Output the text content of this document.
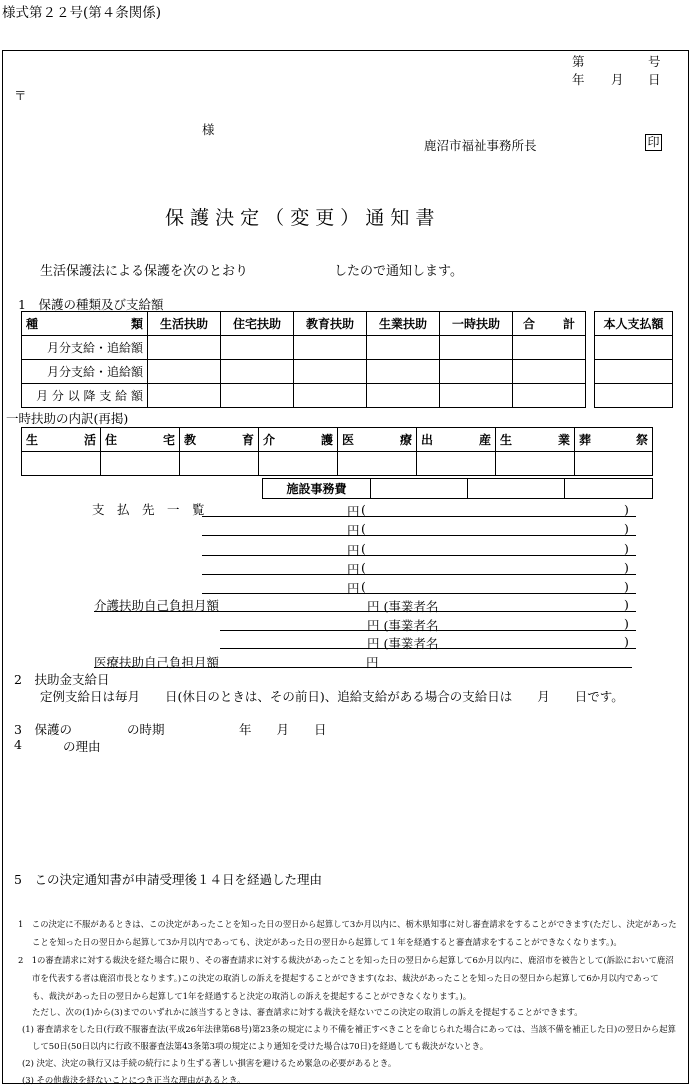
様式第２２号(第４条関係)
第	号
年 月 日
〒
様
鹿沼市福祉事務所長	印
保 護 決 定 （ 変 更 ） 通 知 書
生活保護法による保護を次のとおり	したので通知します。
1　保護の種類及び支給額
種 類	生活扶助	住宅扶助	教育扶助	生業扶助	一時扶助	合 計

月分支給・追給額						
月分支給・追給額						
月 分 以 降 支 給 額						
本人支払額

一時扶助の内訳(再掲)
生 活	住 宅	教 育	介 護	医 療	出 産	生 業	葬 祭

施設事務費			
支　払　先　一　覧	円 (	)
円 (	)
円 (	)
円 (	)
円 (	)
介護扶助自己負担月額	円 (事業者名	)
円 (事業者名	)
円 (事業者名	)
医療扶助自己負担月額	円
2　扶助金支給日
定例支給日は毎月　　日(休日のときは、その前日)、追給支給がある場合の支給日は　　月　　日です。
3　保護の	の時期	年　　月　　日
4	の理由
5　この決定通知書が申請受理後１４日を経過した理由
1　この決定に不服があるときは、この決定があったことを知った日の翌日から起算して3か月以内に、栃木県知事に対し審査請求をすることができます(ただし、決定があった
ことを知った日の翌日から起算して3か月以内であっても、決定があった日の翌日から起算して１年を経過すると審査請求をすることができなくなります。)。
2　1の審査請求に対する裁決を経た場合に限り、その審査請求に対する裁決があったことを知った日の翌日から起算して6か月以内に、鹿沼市を被告として(訴訟において鹿沼
市を代表する者は鹿沼市長となります。)この決定の取消しの訴えを提起することができます(なお、裁決があったことを知った日の翌日から起算して6か月以内であって
も、裁決があった日の翌日から起算して1年を経過すると決定の取消しの訴えを提起することができなくなります。)。
ただし、次の(1)から(3)までのいずれかに該当するときは、審査請求に対する裁決を経ないでこの決定の取消しの訴えを提起することができます。
(1) 審査請求をした日(行政不服審査法(平成26年法律第68号)第23条の規定により不備を補正すべきことを命じられた場合にあっては、当該不備を補正した日)の翌日から起算
して50日(50日以内に行政不服審査法第43条第3項の規定により通知を受けた場合は70日)を経過しても裁決がないとき。
(2) 決定、決定の執行又は手続の続行により生ずる著しい損害を避けるため緊急の必要があるとき。
(3) その他裁決を経ないことにつき正当な理由があるとき。
